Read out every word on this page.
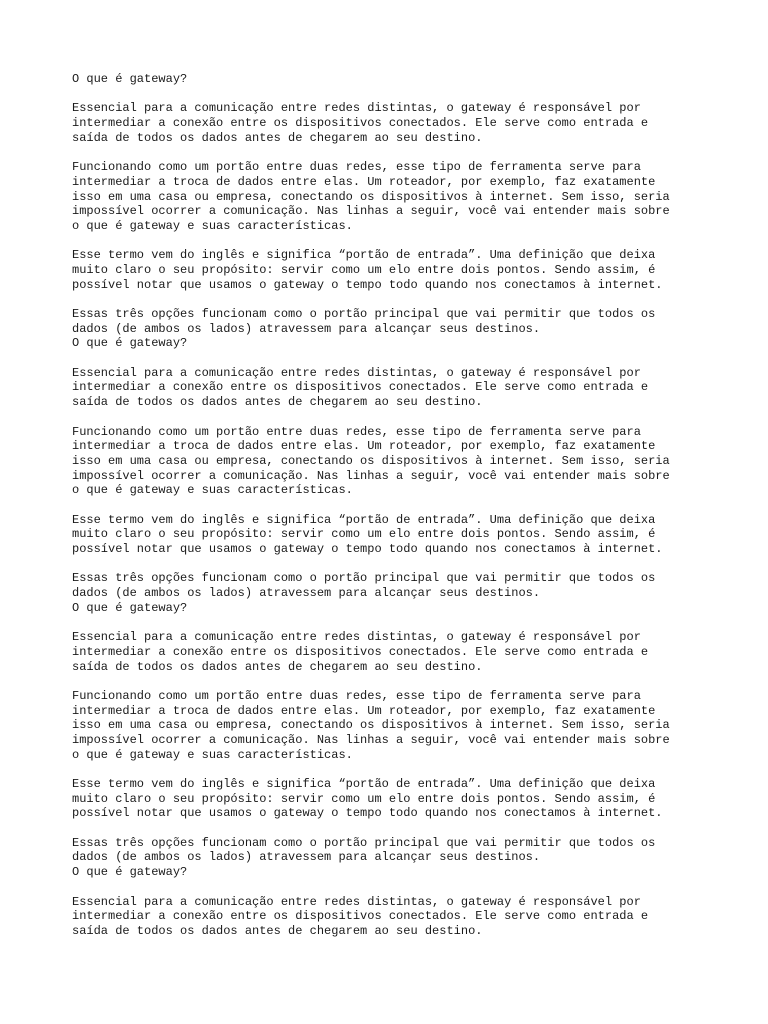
O que é gateway?
Essencial para a comunicação entre redes distintas, o gateway é responsável por
intermediar a conexão entre os dispositivos conectados. Ele serve como entrada e
saída de todos os dados antes de chegarem ao seu destino.
Funcionando como um portão entre duas redes, esse tipo de ferramenta serve para
intermediar a troca de dados entre elas. Um roteador, por exemplo, faz exatamente
isso em uma casa ou empresa, conectando os dispositivos à internet. Sem isso, seria
impossível ocorrer a comunicação. Nas linhas a seguir, você vai entender mais sobre
o que é gateway e suas características.
Esse termo vem do inglês e significa “portão de entrada”. Uma definição que deixa
muito claro o seu propósito: servir como um elo entre dois pontos. Sendo assim, é
possível notar que usamos o gateway o tempo todo quando nos conectamos à internet.
Essas três opções funcionam como o portão principal que vai permitir que todos os
dados (de ambos os lados) atravessem para alcançar seus destinos.
O que é gateway?
Essencial para a comunicação entre redes distintas, o gateway é responsável por
intermediar a conexão entre os dispositivos conectados. Ele serve como entrada e
saída de todos os dados antes de chegarem ao seu destino.
Funcionando como um portão entre duas redes, esse tipo de ferramenta serve para
intermediar a troca de dados entre elas. Um roteador, por exemplo, faz exatamente
isso em uma casa ou empresa, conectando os dispositivos à internet. Sem isso, seria
impossível ocorrer a comunicação. Nas linhas a seguir, você vai entender mais sobre
o que é gateway e suas características.
Esse termo vem do inglês e significa “portão de entrada”. Uma definição que deixa
muito claro o seu propósito: servir como um elo entre dois pontos. Sendo assim, é
possível notar que usamos o gateway o tempo todo quando nos conectamos à internet.
Essas três opções funcionam como o portão principal que vai permitir que todos os
dados (de ambos os lados) atravessem para alcançar seus destinos.
O que é gateway?
Essencial para a comunicação entre redes distintas, o gateway é responsável por
intermediar a conexão entre os dispositivos conectados. Ele serve como entrada e
saída de todos os dados antes de chegarem ao seu destino.
Funcionando como um portão entre duas redes, esse tipo de ferramenta serve para
intermediar a troca de dados entre elas. Um roteador, por exemplo, faz exatamente
isso em uma casa ou empresa, conectando os dispositivos à internet. Sem isso, seria
impossível ocorrer a comunicação. Nas linhas a seguir, você vai entender mais sobre
o que é gateway e suas características.
Esse termo vem do inglês e significa “portão de entrada”. Uma definição que deixa
muito claro o seu propósito: servir como um elo entre dois pontos. Sendo assim, é
possível notar que usamos o gateway o tempo todo quando nos conectamos à internet.
Essas três opções funcionam como o portão principal que vai permitir que todos os
dados (de ambos os lados) atravessem para alcançar seus destinos.
O que é gateway?
Essencial para a comunicação entre redes distintas, o gateway é responsável por
intermediar a conexão entre os dispositivos conectados. Ele serve como entrada e
saída de todos os dados antes de chegarem ao seu destino.
